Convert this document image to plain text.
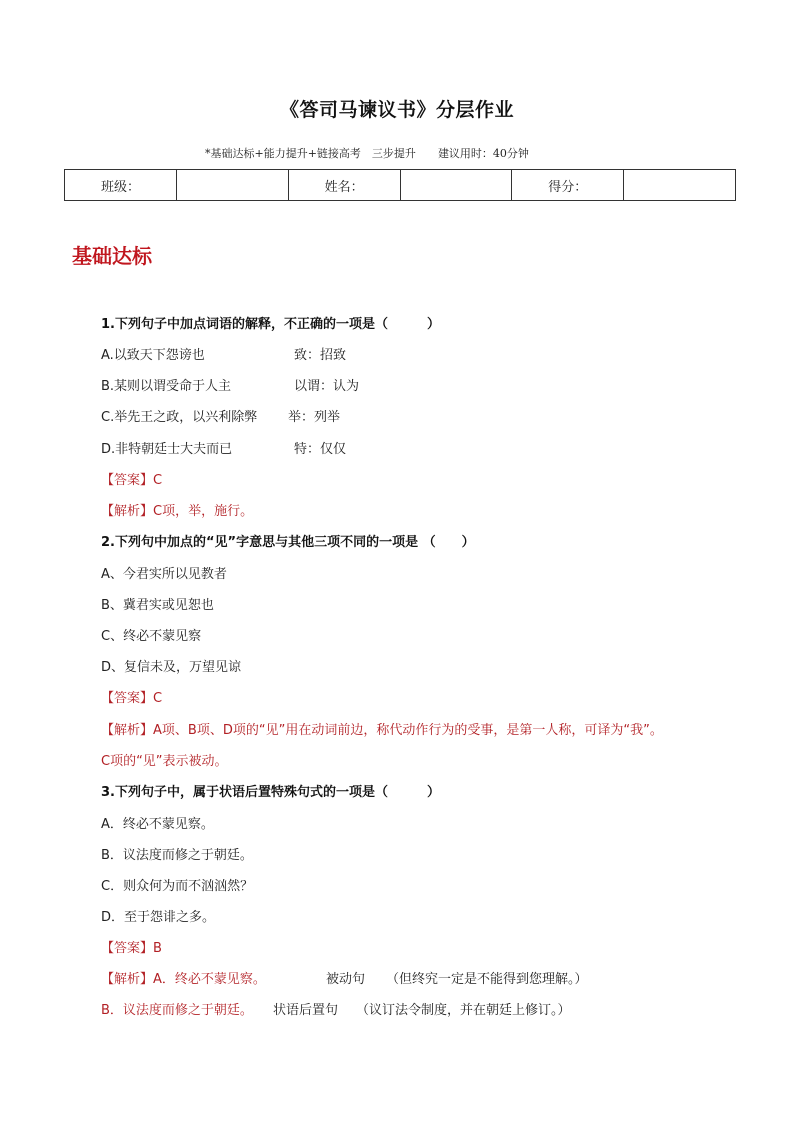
《答司马谏议书》分层作业
*基础达标+能力提升+链接高考　三步提升 建议用时：40分钟
班级：		姓名：		得分：	
基础达标
1.下列句子中加点词语的解释，不正确的一项是（　　　）
A.以致天下怨谤也	致：招致
B.某则以谓受命于人主	以谓：认为
C.举先王之政，以兴利除弊 举：列举
D.非特朝廷士大夫而已	特：仅仅
【答案】C
【解析】C项，举，施行。
2.下列句中加点的“见”字意思与其他三项不同的一项是 （　　）
A、今君实所以见教者
B、冀君实或见恕也
C、终必不蒙见察
D、复信未及，万望见谅
【答案】C
【解析】A项、B项、D项的“见”用在动词前边，称代动作行为的受事，是第一人称，可译为“我”。
C项的“见”表示被动。
3.下列句子中，属于状语后置特殊句式的一项是（　　　）
A．终必不蒙见察。
B．议法度而修之于朝廷。
C．则众何为而不汹汹然？
D．至于怨诽之多。
【答案】B
【解析】A．终必不蒙见察。	被动句 （但终究一定是不能得到您理解。）
B．议法度而修之于朝廷。 状语后置句 （议订法令制度，并在朝廷上修订。）
